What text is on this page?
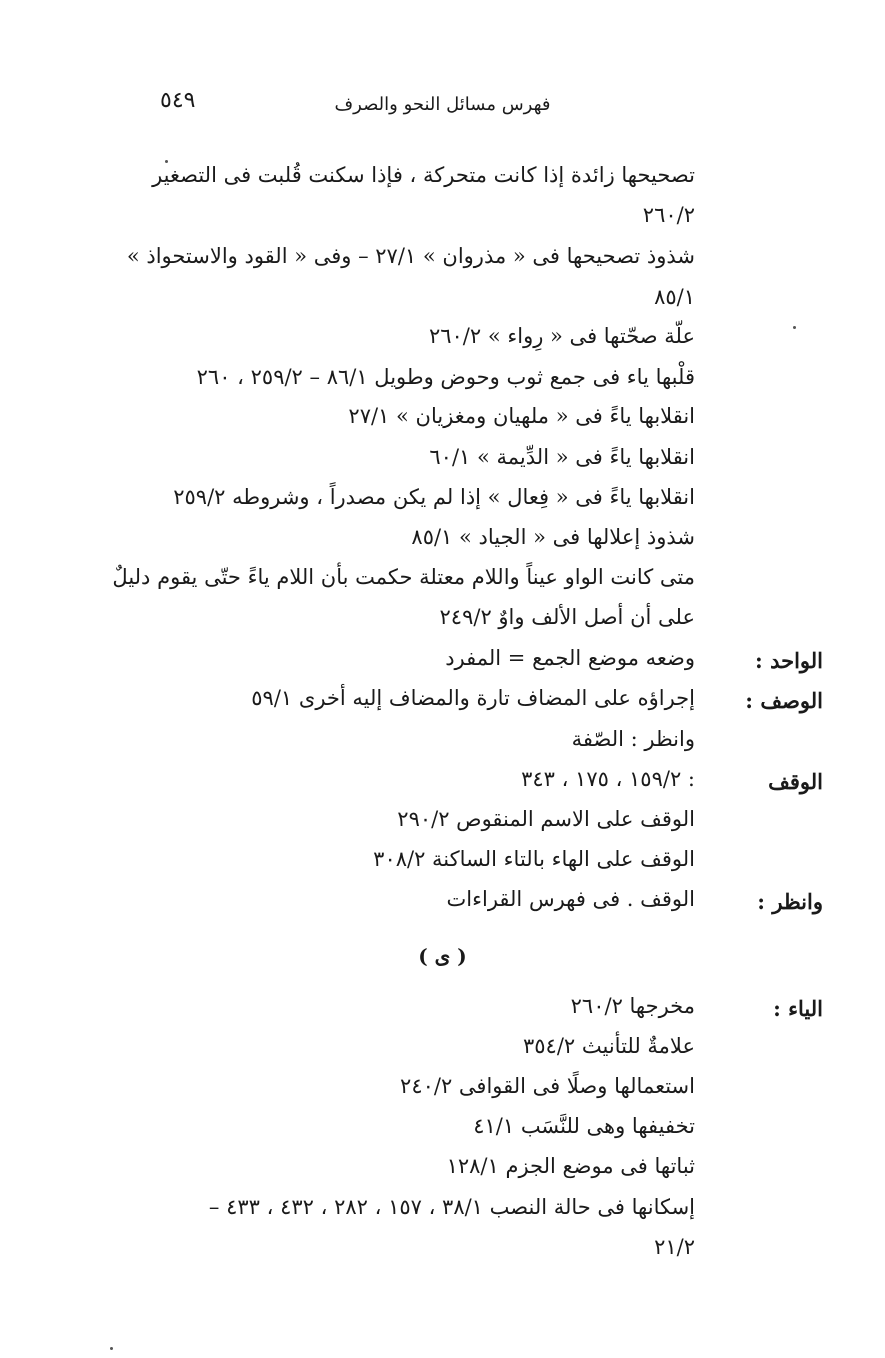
فهرس مسائل النحو والصرف
٥٤٩
تصحيحها زائدة إذا كانت متحركة ، فإذا سكنت قُلبت فى التصغير
٢٦٠/٢
شذوذ تصحيحها فى « مذروان » ٢٧/١ – وفى « القود والاستحواذ »
٨٥/١
علّة صحّتها فى « رِواء » ٢٦٠/٢
قلْبها ياء فى جمع ثوب وحوض وطويل ٨٦/١ – ٢٥٩/٢ ، ٢٦٠
انقلابها ياءً فى « ملهيان ومغزيان » ٢٧/١
انقلابها ياءً فى « الدِّيمة » ٦٠/١
انقلابها ياءً فى « فِعال » إذا لم يكن مصدراً ، وشروطه ٢٥٩/٢
شذوذ إعلالها فى « الجياد » ٨٥/١
متى كانت الواو عيناً واللام معتلة حكمت بأن اللام ياءً حتّى يقوم دليلٌ
على أن أصل الألف واوٌ ٢٤٩/٢
الواحد :
وضعه موضع الجمع = المفرد
الوصف :
إجراؤه على المضاف تارة والمضاف إليه أخرى ٥٩/١
وانظر : الصّفة
الوقف
: ١٥٩/٢ ، ١٧٥ ، ٣٤٣
الوقف على الاسم المنقوص ٢٩٠/٢
الوقف على الهاء بالتاء الساكنة ٣٠٨/٢
وانظر :
الوقف . فى فهرس القراءات
( ى )
الياء :
مخرجها ٢٦٠/٢
علامةٌ للتأنيث ٣٥٤/٢
استعمالها وصلًا فى القوافى ٢٤٠/٢
تخفيفها وهى للنَّسَب ٤١/١
ثباتها فى موضع الجزم ١٢٨/١
إسكانها فى حالة النصب ٣٨/١ ، ١٥٧ ، ٢٨٢ ، ٤٣٢ ، ٤٣٣ –
٢١/٢
